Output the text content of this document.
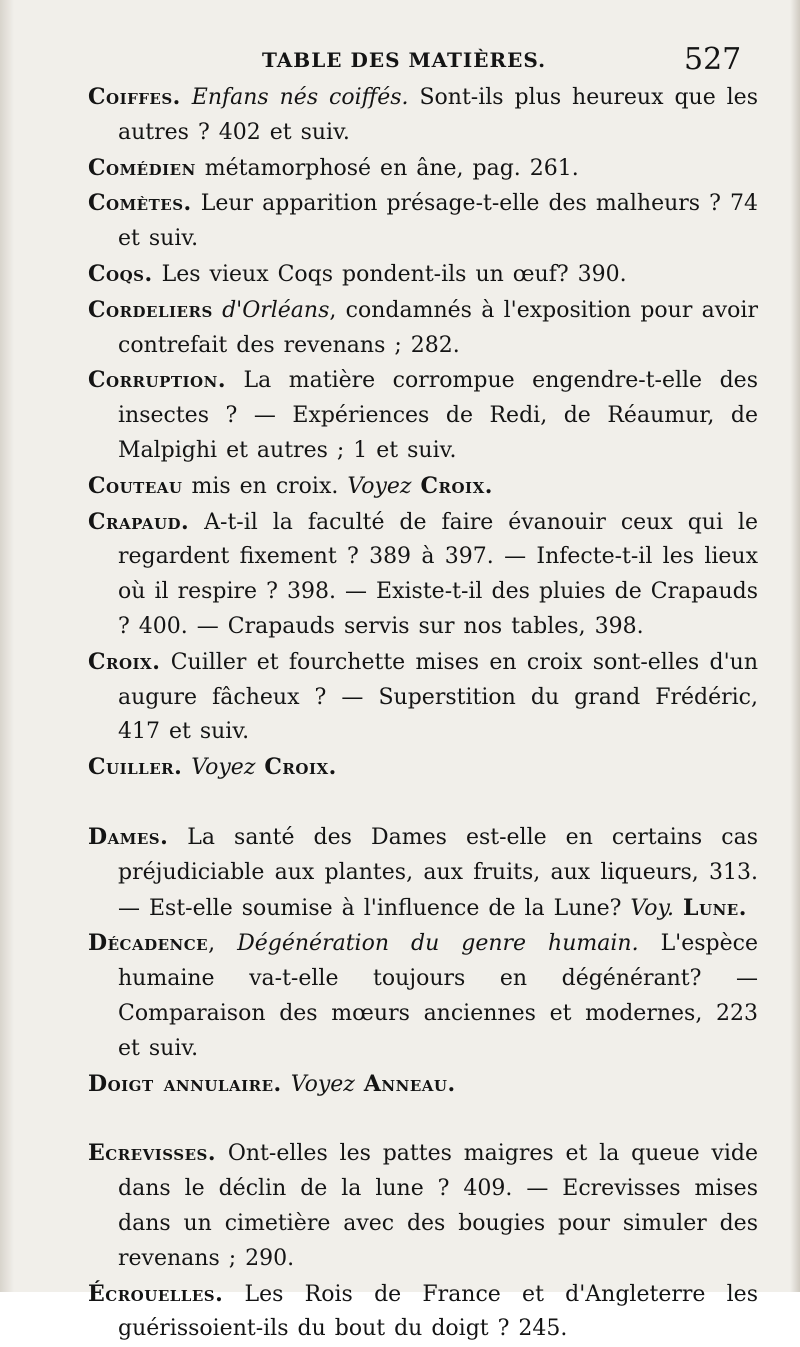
TABLE DES MATIÈRES.	527

Coiffes. Enfans nés coiffés. Sont-ils plus heureux que les autres ? 402 et suiv.

Comédien métamorphosé en âne, pag. 261.

Comètes. Leur apparition présage-t-elle des malheurs ? 74 et suiv.

Coqs. Les vieux Coqs pondent-ils un œuf? 390.

Cordeliers d'Orléans, condamnés à l'exposition pour avoir contrefait des revenans ; 282.

Corruption. La matière corrompue engendre-t-elle des insectes ? — Expériences de Redi, de Réaumur, de Malpighi et autres ; 1 et suiv.

Couteau mis en croix. Voyez Croix.

Crapaud. A-t-il la faculté de faire évanouir ceux qui le regardent fixement ? 389 à 397. — Infecte-t-il les lieux où il respire ? 398. — Existe-t-il des pluies de Crapauds ? 400. — Crapauds servis sur nos tables, 398.

Croix. Cuiller et fourchette mises en croix sont-elles d'un augure fâcheux ? — Superstition du grand Frédéric, 417 et suiv.

Cuiller. Voyez Croix.

Dames. La santé des Dames est-elle en certains cas préjudiciable aux plantes, aux fruits, aux liqueurs, 313. — Est-elle soumise à l'influence de la Lune? Voy. Lune.

Décadence, Dégénération du genre humain. L'espèce humaine va-t-elle toujours en dégénérant? — Comparaison des mœurs anciennes et modernes, 223 et suiv.

Doigt annulaire. Voyez Anneau.

Ecrevisses. Ont-elles les pattes maigres et la queue vide dans le déclin de la lune ? 409. — Ecrevisses mises dans un cimetière avec des bougies pour simuler des revenans ; 290.

Écrouelles. Les Rois de France et d'Angleterre les guérissoient-ils du bout du doigt ? 245.
